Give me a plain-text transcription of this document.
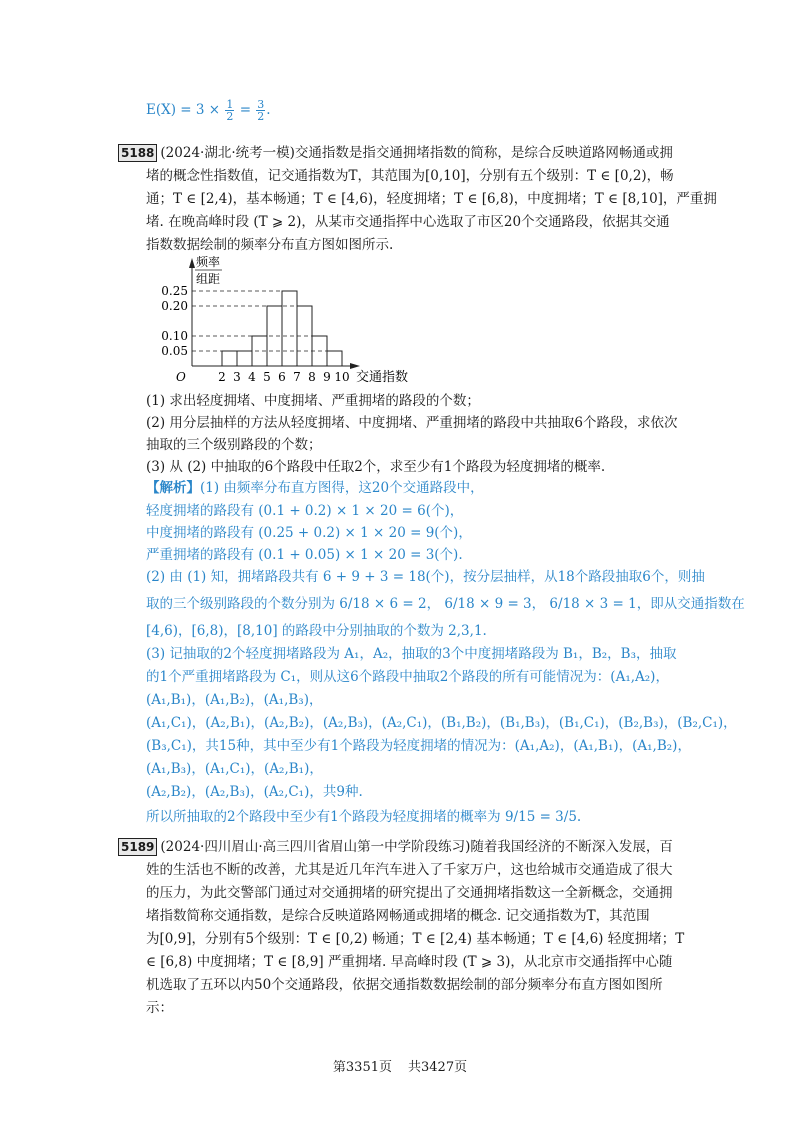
$E(X) = 3 \times \frac{1}{2} = \frac{3}{2}$ .
5188 (2024·湖北·统考一模)交通指数是指交通拥堵指数的简称，是综合反映道路网畅通或拥
堵的概念性指数值，记交通指数为T，其范围为[0,10]，分别有五个级别：T ∈ [0,2)，畅
通；T ∈ [2,4)，基本畅通；T ∈ [4,6)，轻度拥堵；T ∈ [6,8)，中度拥堵；T ∈ [8,10]，严重拥
堵. 在晚高峰时段 (T ⩾ 2)，从某市交通指挥中心选取了市区20个交通路段，依据其交通
指数数据绘制的频率分布直方图如图所示.
频率
组距
O
0.05
0.10
0.20
0.25
2 3 4 5 6 7 8 9 10 交通指数
(1) 求出轻度拥堵、中度拥堵、严重拥堵的路段的个数；
(2) 用分层抽样的方法从轻度拥堵、中度拥堵、严重拥堵的路段中共抽取6个路段，求依次
抽取的三个级别路段的个数；
(3) 从 (2) 中抽取的6个路段中任取2个，求至少有1个路段为轻度拥堵的概率.
【解析】(1) 由频率分布直方图得，这20个交通路段中，
轻度拥堵的路段有 (0.1 + 0.2) × 1 × 20 = 6(个)，
中度拥堵的路段有 (0.25 + 0.2) × 1 × 20 = 9(个)，
严重拥堵的路段有 (0.1 + 0.05) × 1 × 20 = 3(个).
(2) 由 (1) 知，拥堵路段共有 6 + 9 + 3 = 18(个)，按分层抽样，从18个路段抽取6个，则抽
取的三个级别路段的个数分别为 6/18 × 6 = 2， 6/18 × 9 = 3， 6/18 × 3 = 1，即从交通指数在
[4,6)，[6,8)，[8,10] 的路段中分别抽取的个数为 2,3,1.
(3) 记抽取的2个轻度拥堵路段为 A₁，A₂，抽取的3个中度拥堵路段为 B₁，B₂，B₃，抽取
的1个严重拥堵路段为 C₁，则从这6个路段中抽取2个路段的所有可能情况为：(A₁,A₂)，
(A₁,B₁)，(A₁,B₂)，(A₁,B₃)，
(A₁,C₁)，(A₂,B₁)，(A₂,B₂)，(A₂,B₃)，(A₂,C₁)，(B₁,B₂)，(B₁,B₃)，(B₁,C₁)，(B₂,B₃)，(B₂,C₁)，
(B₃,C₁)，共15种，其中至少有1个路段为轻度拥堵的情况为：(A₁,A₂)，(A₁,B₁)，(A₁,B₂)，
(A₁,B₃)，(A₁,C₁)，(A₂,B₁)，
(A₂,B₂)，(A₂,B₃)，(A₂,C₁)，共9种.
所以所抽取的2个路段中至少有1个路段为轻度拥堵的概率为 9/15 = 3/5.
5189 (2024·四川眉山·高三四川省眉山第一中学阶段练习)随着我国经济的不断深入发展，百
姓的生活也不断的改善，尤其是近几年汽车进入了千家万户，这也给城市交通造成了很大
的压力，为此交警部门通过对交通拥堵的研究提出了交通拥堵指数这一全新概念，交通拥
堵指数简称交通指数，是综合反映道路网畅通或拥堵的概念. 记交通指数为T，其范围
为[0,9]，分别有5个级别：T ∈ [0,2) 畅通；T ∈ [2,4) 基本畅通；T ∈ [4,6) 轻度拥堵；T
∈ [6,8) 中度拥堵；T ∈ [8,9] 严重拥堵. 早高峰时段 (T ⩾ 3)，从北京市交通指挥中心随
机选取了五环以内50个交通路段，依据交通指数数据绘制的部分频率分布直方图如图所
示：
第3351页 共3427页
